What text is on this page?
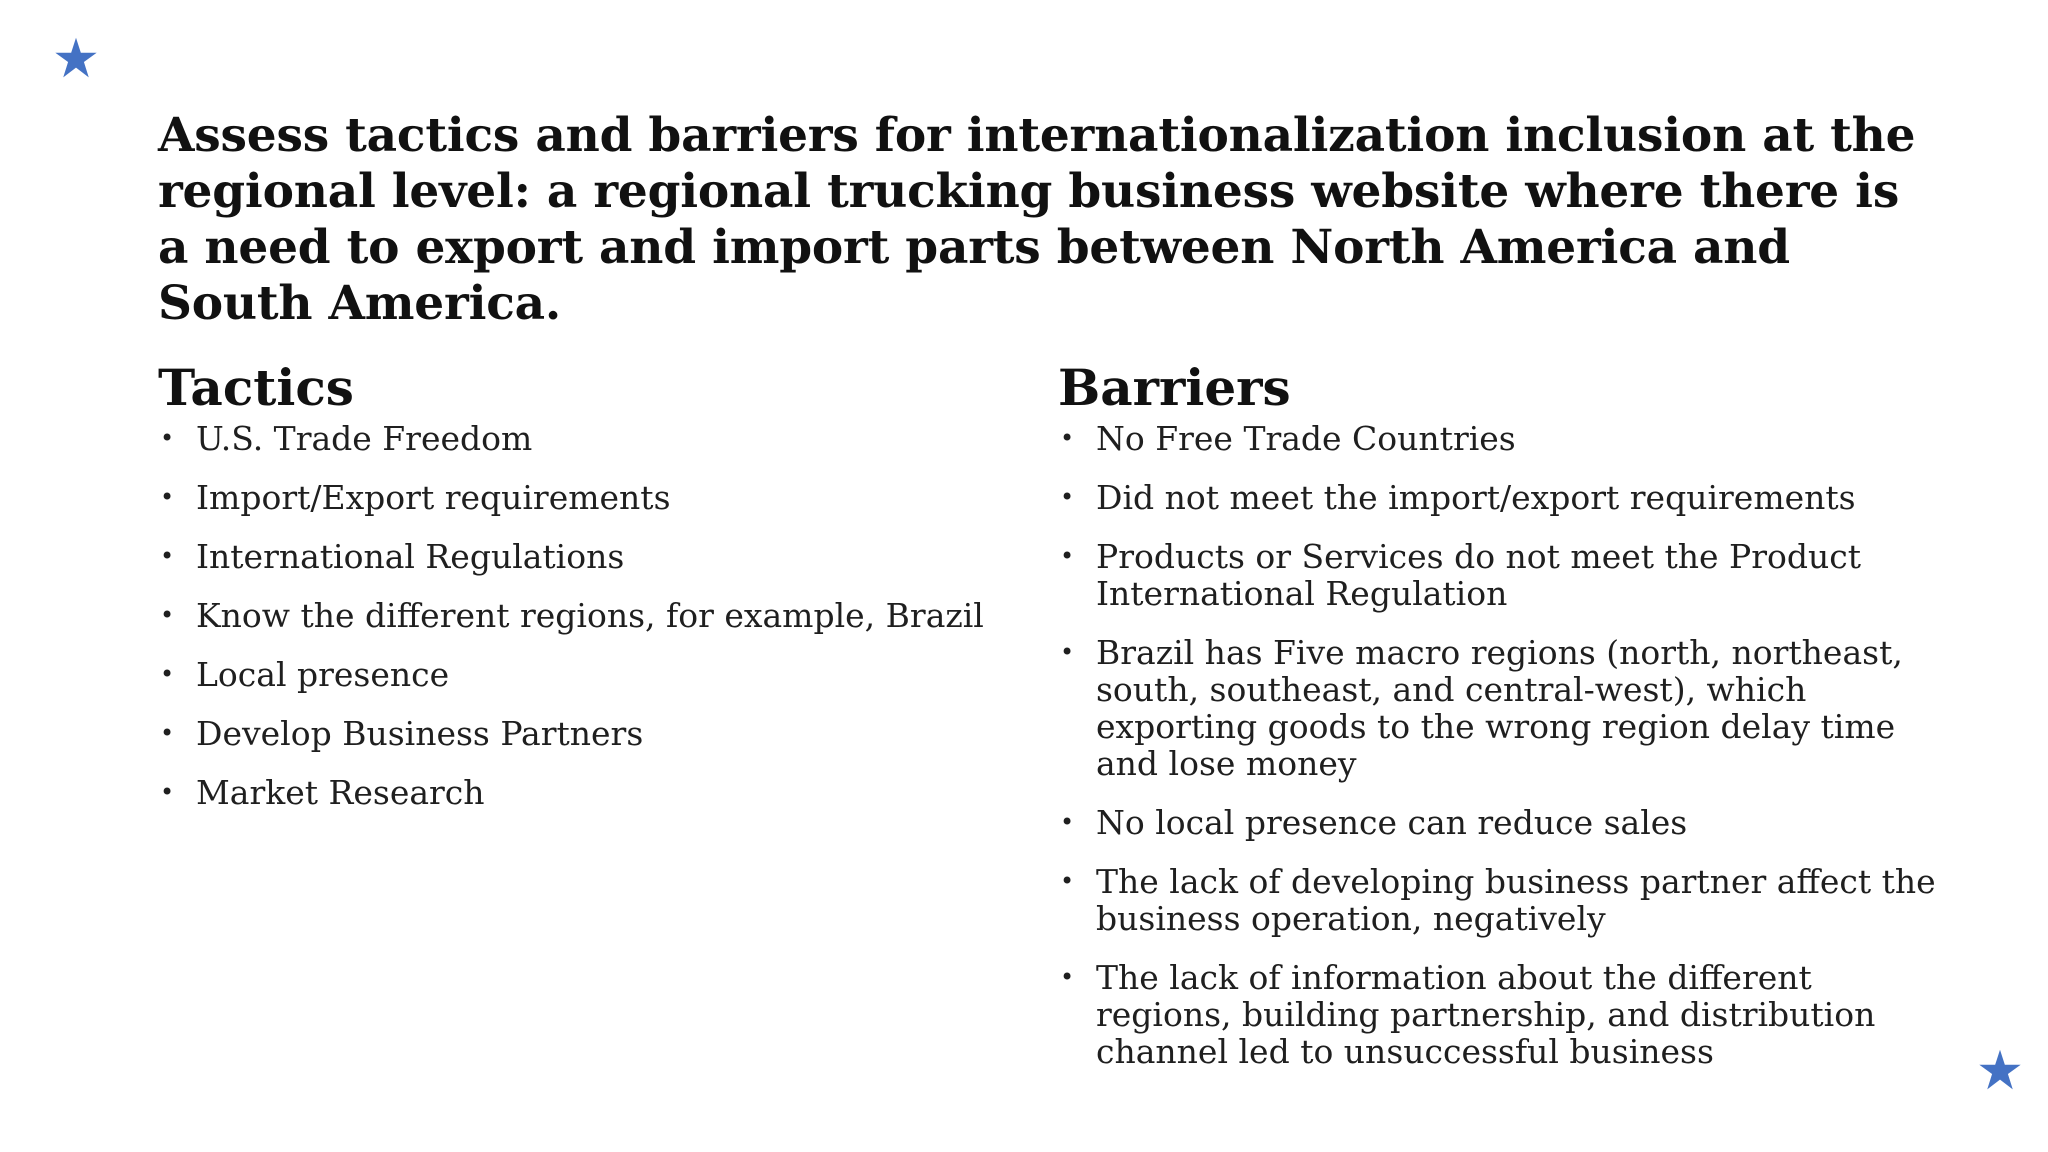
Assess tactics and barriers for internationalization inclusion at the regional level: a regional trucking business website where there is a need to export and import parts between North America and South America.
Tactics
• U.S. Trade Freedom
• Import/Export requirements
• International Regulations
• Know the different regions, for example, Brazil
• Local presence
• Develop Business Partners
• Market Research
Barriers
• No Free Trade Countries
• Did not meet the import/export requirements
• Products or Services do not meet the Product International Regulation
• Brazil has Five macro regions (north, northeast, south, southeast, and central-west), which exporting goods to the wrong region delay time and lose money
• No local presence can reduce sales
• The lack of developing business partner affect the business operation, negatively
• The lack of information about the different regions, building partnership, and distribution channel led to unsuccessful business
